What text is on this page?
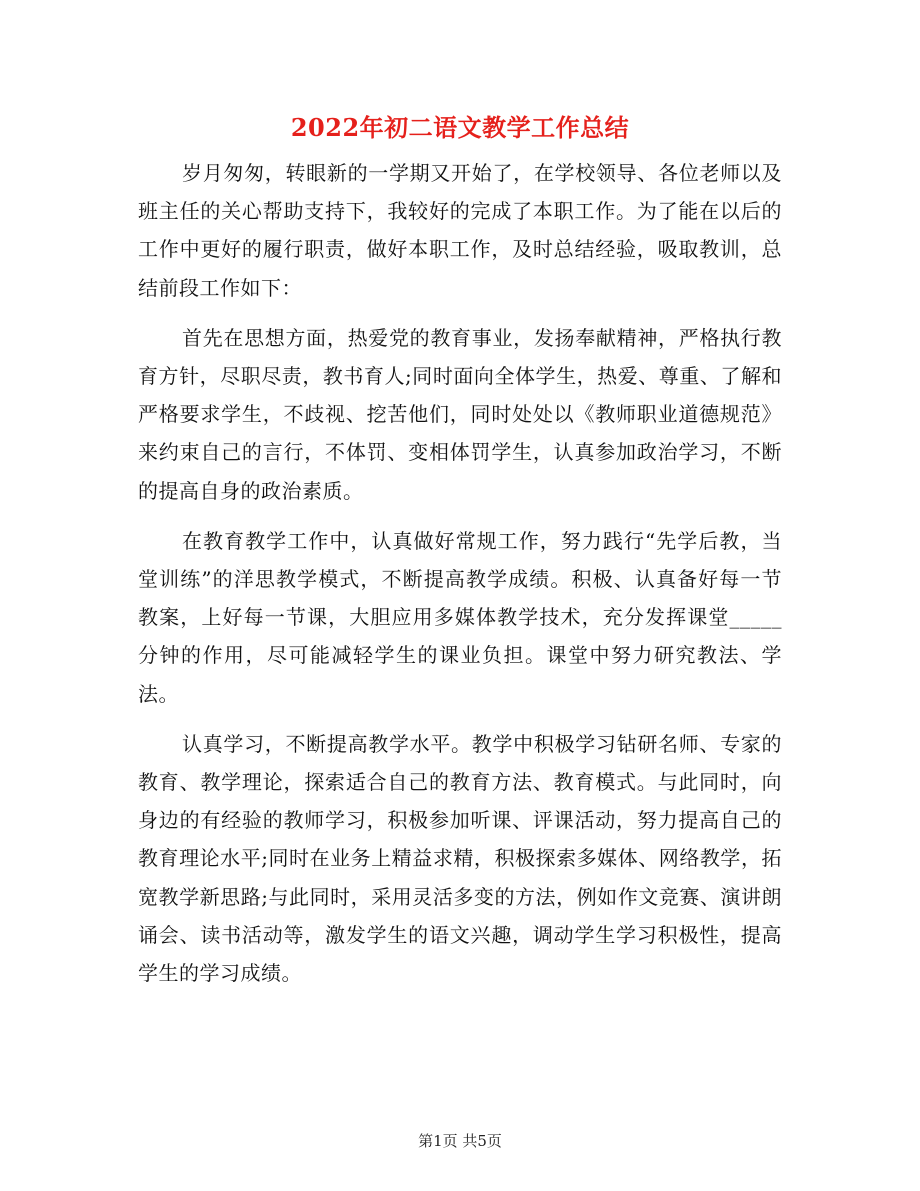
2022年初二语文教学工作总结

岁月匆匆，转眼新的一学期又开始了，在学校领导、各位老师以及班主任的关心帮助支持下，我较好的完成了本职工作。为了能在以后的工作中更好的履行职责，做好本职工作，及时总结经验，吸取教训，总结前段工作如下：

首先在思想方面，热爱党的教育事业，发扬奉献精神，严格执行教育方针，尽职尽责，教书育人;同时面向全体学生，热爱、尊重、了解和严格要求学生，不歧视、挖苦他们，同时处处以《教师职业道德规范》来约束自己的言行，不体罚、变相体罚学生，认真参加政治学习，不断的提高自身的政治素质。

在教育教学工作中，认真做好常规工作，努力践行“先学后教，当堂训练”的洋思教学模式，不断提高教学成绩。积极、认真备好每一节教案，上好每一节课，大胆应用多媒体教学技术，充分发挥课堂_____分钟的作用，尽可能减轻学生的课业负担。课堂中努力研究教法、学法。

认真学习，不断提高教学水平。教学中积极学习钻研名师、专家的教育、教学理论，探索适合自己的教育方法、教育模式。与此同时，向身边的有经验的教师学习，积极参加听课、评课活动，努力提高自己的教育理论水平;同时在业务上精益求精，积极探索多媒体、网络教学，拓宽教学新思路;与此同时，采用灵活多变的方法，例如作文竞赛、演讲朗诵会、读书活动等，激发学生的语文兴趣，调动学生学习积极性，提高学生的学习成绩。

第1页 共5页
